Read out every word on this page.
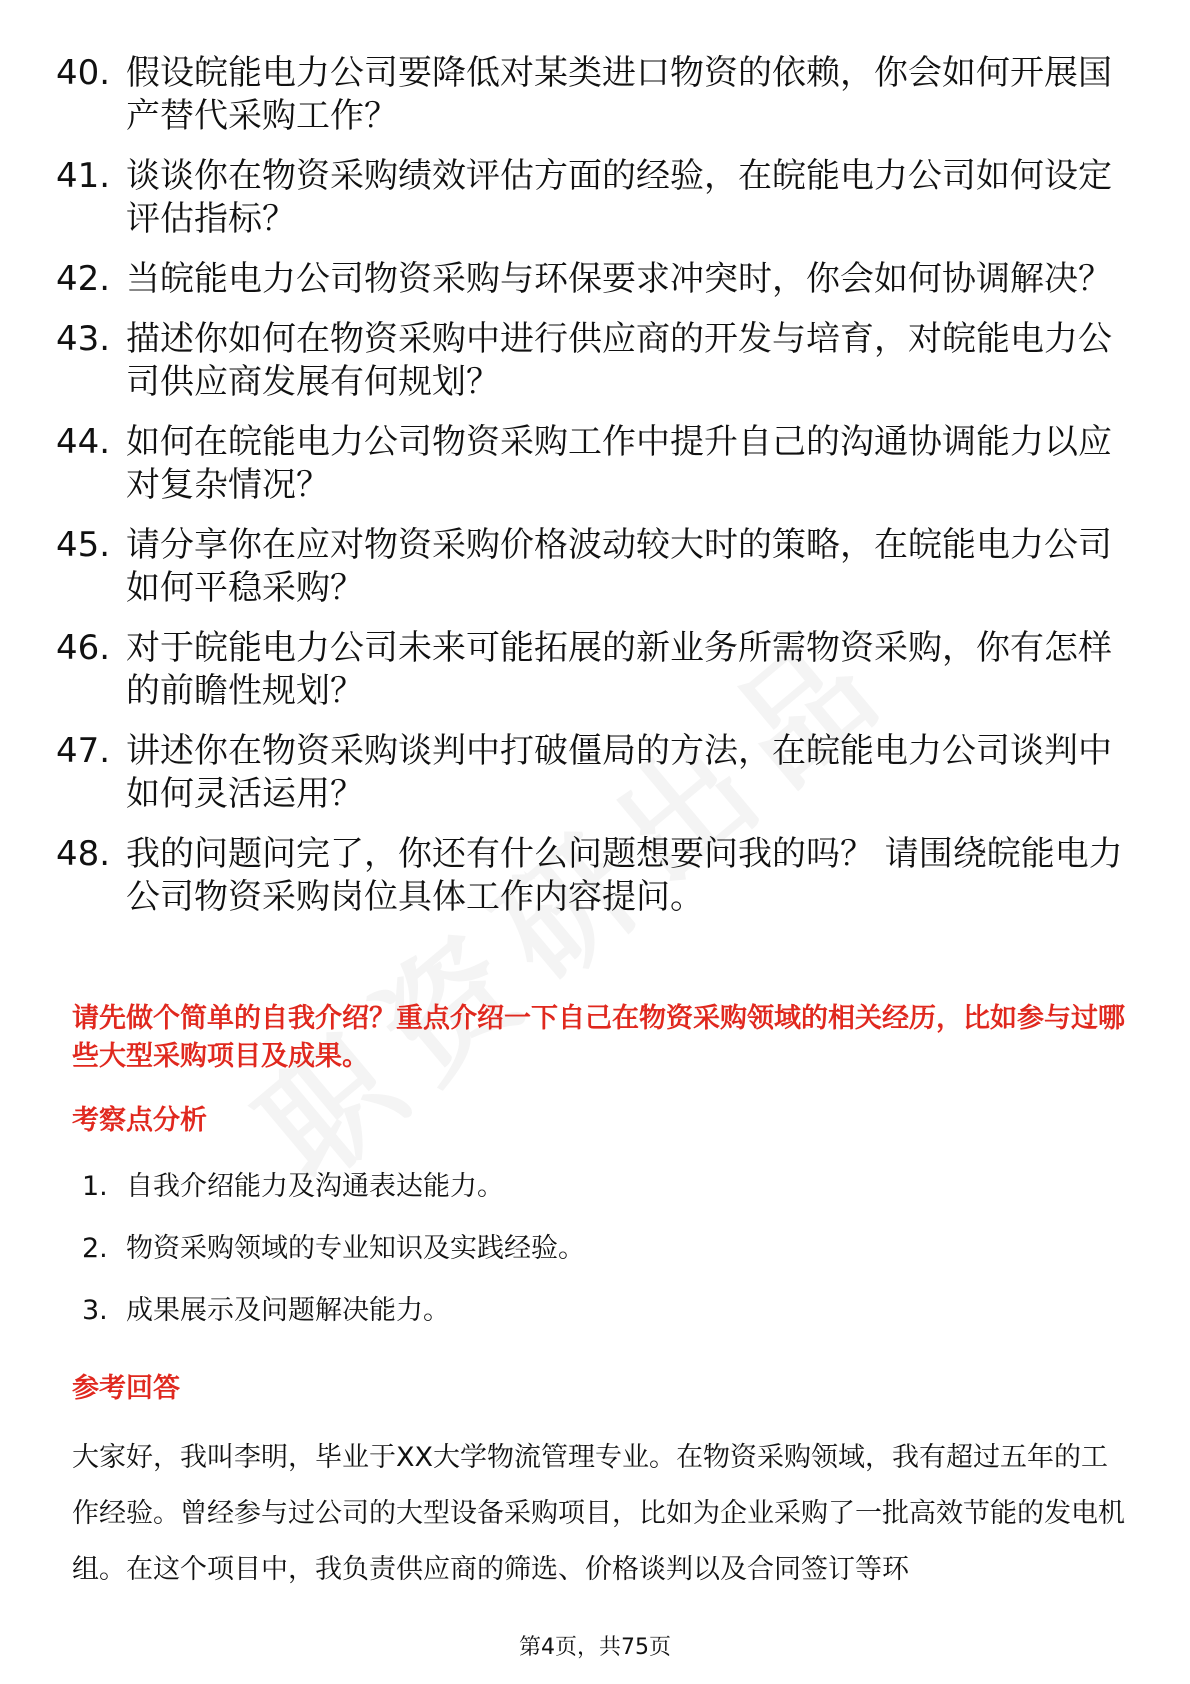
40. 假设皖能电力公司要降低对某类进口物资的依赖，你会如何开展国产替代采购工作？
41. 谈谈你在物资采购绩效评估方面的经验，在皖能电力公司如何设定评估指标？
42. 当皖能电力公司物资采购与环保要求冲突时，你会如何协调解决？
43. 描述你如何在物资采购中进行供应商的开发与培育，对皖能电力公司供应商发展有何规划？
44. 如何在皖能电力公司物资采购工作中提升自己的沟通协调能力以应对复杂情况？
45. 请分享你在应对物资采购价格波动较大时的策略，在皖能电力公司如何平稳采购？
46. 对于皖能电力公司未来可能拓展的新业务所需物资采购，你有怎样的前瞻性规划？
47. 讲述你在物资采购谈判中打破僵局的方法，在皖能电力公司谈判中如何灵活运用？
48. 我的问题问完了，你还有什么问题想要问我的吗？ 请围绕皖能电力公司物资采购岗位具体工作内容提问。
请先做个简单的自我介绍？重点介绍一下自己在物资采购领域的相关经历，比如参与过哪些大型采购项目及成果。
考察点分析
1. 自我介绍能力及沟通表达能力。
2. 物资采购领域的专业知识及实践经验。
3. 成果展示及问题解决能力。
参考回答
大家好，我叫李明，毕业于XX大学物流管理专业。在物资采购领域，我有超过五年的工作经验。曾经参与过公司的大型设备采购项目，比如为企业采购了一批高效节能的发电机组。在这个项目中，我负责供应商的筛选、价格谈判以及合同签订等环
第4页，共75页
